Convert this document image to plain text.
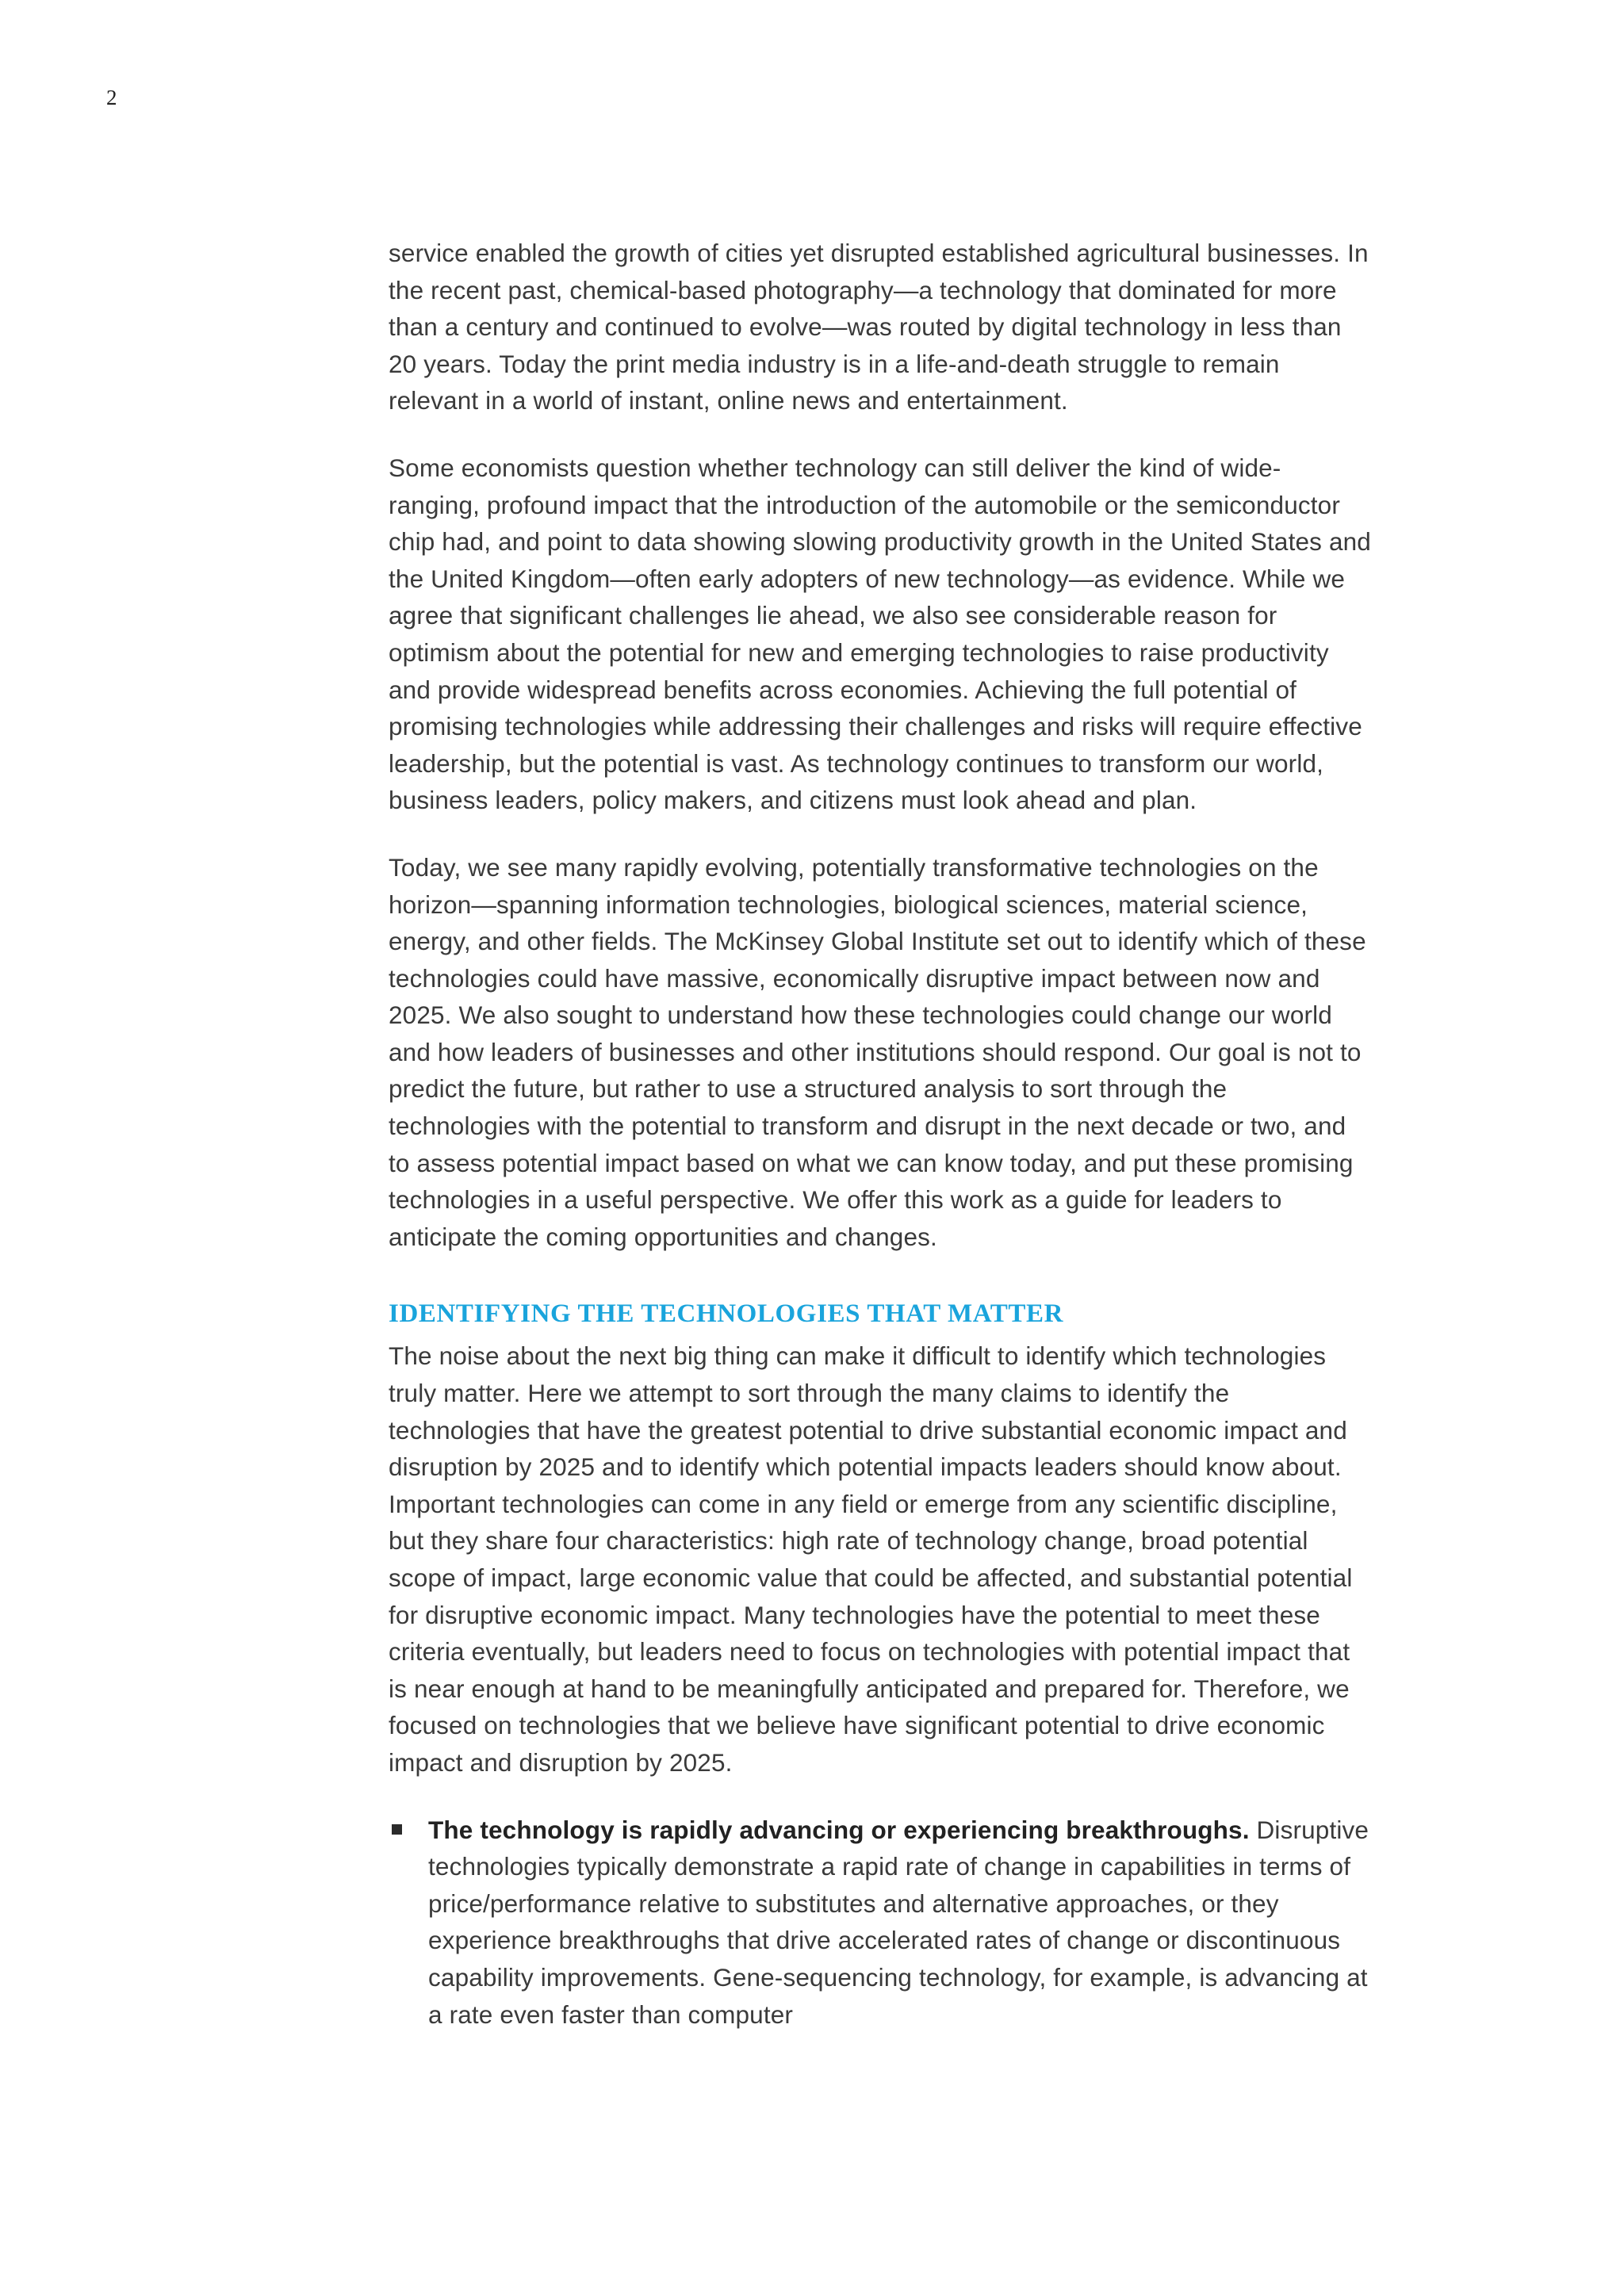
2

service enabled the growth of cities yet disrupted established agricultural businesses. In the recent past, chemical-based photography—a technology that dominated for more than a century and continued to evolve—was routed by digital technology in less than 20 years. Today the print media industry is in a life-and-death struggle to remain relevant in a world of instant, online news and entertainment.

Some economists question whether technology can still deliver the kind of wide-ranging, profound impact that the introduction of the automobile or the semiconductor chip had, and point to data showing slowing productivity growth in the United States and the United Kingdom—often early adopters of new technology—as evidence. While we agree that significant challenges lie ahead, we also see considerable reason for optimism about the potential for new and emerging technologies to raise productivity and provide widespread benefits across economies. Achieving the full potential of promising technologies while addressing their challenges and risks will require effective leadership, but the potential is vast. As technology continues to transform our world, business leaders, policy makers, and citizens must look ahead and plan.

Today, we see many rapidly evolving, potentially transformative technologies on the horizon—spanning information technologies, biological sciences, material science, energy, and other fields. The McKinsey Global Institute set out to identify which of these technologies could have massive, economically disruptive impact between now and 2025. We also sought to understand how these technologies could change our world and how leaders of businesses and other institutions should respond. Our goal is not to predict the future, but rather to use a structured analysis to sort through the technologies with the potential to transform and disrupt in the next decade or two, and to assess potential impact based on what we can know today, and put these promising technologies in a useful perspective. We offer this work as a guide for leaders to anticipate the coming opportunities and changes.

IDENTIFYING THE TECHNOLOGIES THAT MATTER

The noise about the next big thing can make it difficult to identify which technologies truly matter. Here we attempt to sort through the many claims to identify the technologies that have the greatest potential to drive substantial economic impact and disruption by 2025 and to identify which potential impacts leaders should know about. Important technologies can come in any field or emerge from any scientific discipline, but they share four characteristics: high rate of technology change, broad potential scope of impact, large economic value that could be affected, and substantial potential for disruptive economic impact. Many technologies have the potential to meet these criteria eventually, but leaders need to focus on technologies with potential impact that is near enough at hand to be meaningfully anticipated and prepared for. Therefore, we focused on technologies that we believe have significant potential to drive economic impact and disruption by 2025.

The technology is rapidly advancing or experiencing breakthroughs. Disruptive technologies typically demonstrate a rapid rate of change in capabilities in terms of price/performance relative to substitutes and alternative approaches, or they experience breakthroughs that drive accelerated rates of change or discontinuous capability improvements. Gene-sequencing technology, for example, is advancing at a rate even faster than computer
